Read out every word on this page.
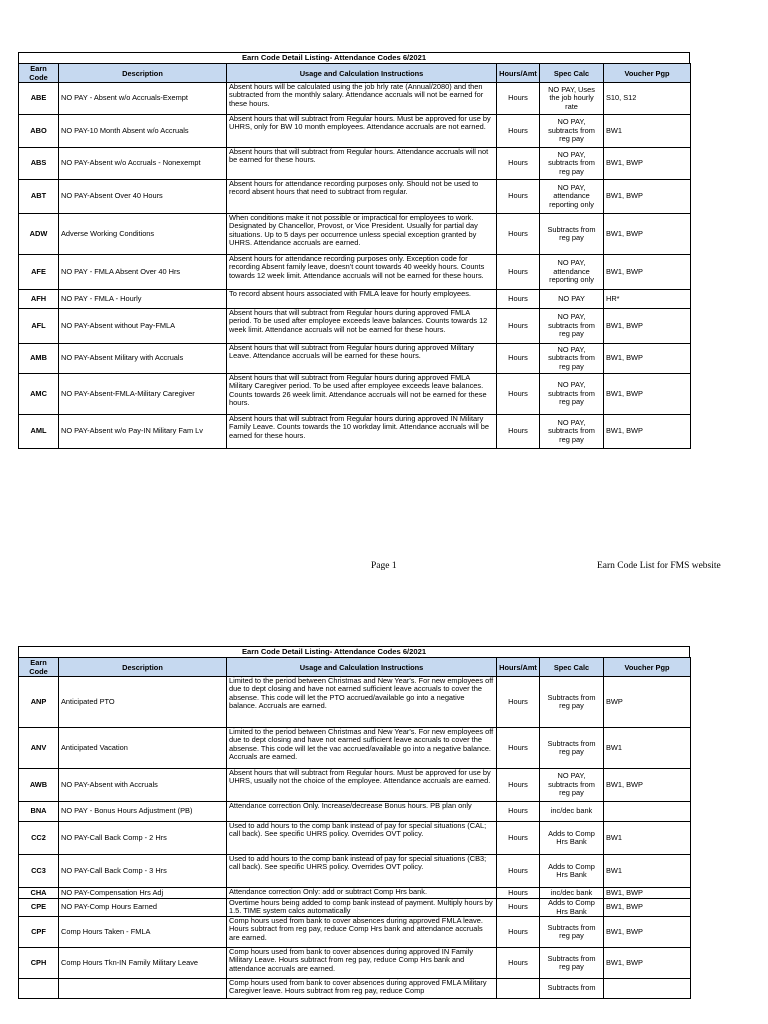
Earn Code Detail Listing- Attendance Codes 6/2021
Earn Code	Description	Usage and Calculation Instructions	Hours/Amt	Spec Calc	Voucher Pgp
ABE	NO PAY - Absent w/o Accruals-Exempt	Absent hours will be calculated using the job hrly rate (Annual/2080) and then subtracted from the monthly salary. Attendance accruals will not be earned for these hours.	Hours	NO PAY, Uses the job hourly rate	S10, S12
ABO	NO PAY-10 Month Absent w/o Accruals	Absent hours that will subtract from Regular hours. Must be approved for use by UHRS, only for BW 10 month employees. Attendance accruals are not earned.	Hours	NO PAY, subtracts from reg pay	BW1
ABS	NO PAY-Absent w/o Accruals - Nonexempt	Absent hours that will subtract from Regular hours. Attendance accruals will not be earned for these hours.	Hours	NO PAY, subtracts from reg pay	BW1, BWP
ABT	NO PAY-Absent Over 40 Hours	Absent hours for attendance recording purposes only. Should not be used to record absent hours that need to subtract from regular.	Hours	NO PAY, attendance reporting only	BW1, BWP
ADW	Adverse Working Conditions	When conditions make it not possible or impractical for employees to work. Designated by Chancellor, Provost, or Vice President. Usually for partial day situations. Up to 5 days per occurrence unless special exception granted by UHRS. Attendance accruals are earned.	Hours	Subtracts from reg pay	BW1, BWP
AFE	NO PAY - FMLA Absent Over 40 Hrs	Absent hours for attendance recording purposes only. Exception code for recording Absent family leave, doesn't count towards 40 weekly hours. Counts towards 12 week limit. Attendance accruals will not be earned for these hours.	Hours	NO PAY, attendance reporting only	BW1, BWP
AFH	NO PAY - FMLA - Hourly	To record absent hours associated with FMLA leave for hourly employees.	Hours	NO PAY	HR*
AFL	NO PAY-Absent without Pay-FMLA	Absent hours that will subtract from Regular hours during approved FMLA period. To be used after employee exceeds leave balances. Counts towards 12 week limit. Attendance accruals will not be earned for these hours.	Hours	NO PAY, subtracts from reg pay	BW1, BWP
AMB	NO PAY-Absent Military with Accruals	Absent hours that will subtract from Regular hours during approved Military Leave. Attendance accruals will be earned for these hours.	Hours	NO PAY, subtracts from reg pay	BW1, BWP
AMC	NO PAY-Absent-FMLA-Military Caregiver	Absent hours that will subtract from Regular hours during approved FMLA Military Caregiver period. To be used after employee exceeds leave balances. Counts towards 26 week limit. Attendance accruals will not be earned for these hours.	Hours	NO PAY, subtracts from reg pay	BW1, BWP
AML	NO PAY-Absent w/o Pay-IN Military Fam Lv	Absent hours that will subtract from Regular hours during approved IN Military Family Leave. Counts towards the 10 workday limit. Attendance accruals will be earned for these hours.	Hours	NO PAY, subtracts from reg pay	BW1, BWP
Page 1	Earn Code List for FMS website
Earn Code Detail Listing- Attendance Codes 6/2021
Earn Code	Description	Usage and Calculation Instructions	Hours/Amt	Spec Calc	Voucher Pgp
ANP	Anticipated PTO	Limited to the period between Christmas and New Year's. For new employees off due to dept closing and have not earned sufficient leave accruals to cover the absense. This code will let the PTO accrued/available go into a negative balance. Accruals are earned.	Hours	Subtracts from reg pay	BWP
ANV	Anticipated Vacation	Limited to the period between Christmas and New Year's. For new employees off due to dept closing and have not earned sufficient leave accruals to cover the absense. This code will let the vac accrued/available go into a negative balance. Accruals are earned.	Hours	Subtracts from reg pay	BW1
AWB	NO PAY-Absent with Accruals	Absent hours that will subtract from Regular hours. Must be approved for use by UHRS, usually not the choice of the employee. Attendance accruals are earned.	Hours	NO PAY, subtracts from reg pay	BW1, BWP
BNA	NO PAY - Bonus Hours Adjustment (PB)	Attendance correction Only. Increase/decrease Bonus hours. PB plan only	Hours	inc/dec bank	
CC2	NO PAY-Call Back Comp - 2 Hrs	Used to add hours to the comp bank instead of pay for special situations (CAL; call back). See specific UHRS policy. Overrides OVT policy.	Hours	Adds to Comp Hrs Bank	BW1
CC3	NO PAY-Call Back Comp - 3 Hrs	Used to add hours to the comp bank instead of pay for special situations (CB3; call back). See specific UHRS policy. Overrides OVT policy.	Hours	Adds to Comp Hrs Bank	BW1
CHA	NO PAY-Compensation Hrs Adj	Attendance correction Only: add or subtract Comp Hrs bank.	Hours	inc/dec bank	BW1, BWP
CPE	NO PAY-Comp Hours Earned	Overtime hours being added to comp bank instead of payment. Multiply hours by 1.5. TIME system calcs automatically	Hours	Adds to Comp Hrs Bank	BW1, BWP
CPF	Comp Hours Taken - FMLA	Comp hours used from bank to cover absences during approved FMLA leave. Hours subtract from reg pay, reduce Comp Hrs bank and attendance accruals are earned.	Hours	Subtracts from reg pay	BW1, BWP
CPH	Comp Hours Tkn-IN Family Military Leave	Comp hours used from bank to cover absences during approved IN Family Military Leave. Hours subtract from reg pay, reduce Comp Hrs bank and attendance accruals are earned.	Hours	Subtracts from reg pay	BW1, BWP
		Comp hours used from bank to cover absences during approved FMLA Military Caregiver leave. Hours subtract from reg pay, reduce Comp		Subtracts from	
